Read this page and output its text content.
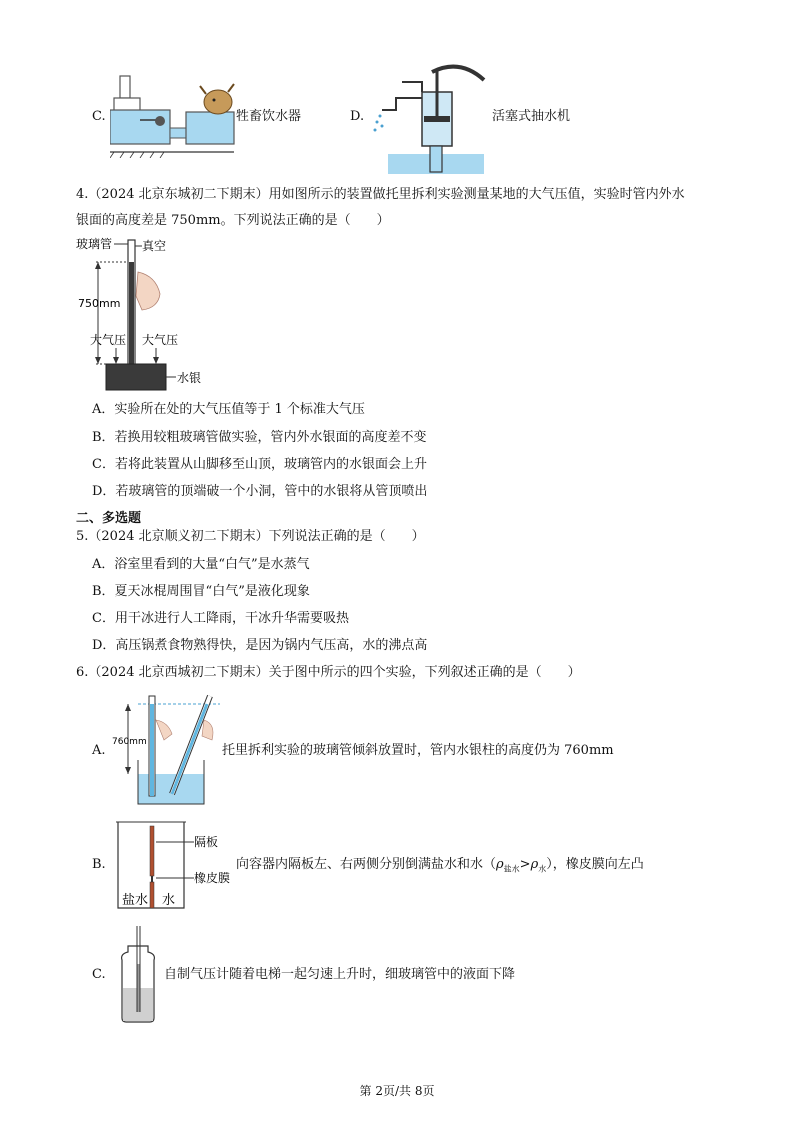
C.	牲畜饮水器	D.	活塞式抽水机
4.（2024 北京东城初二下期末）用如图所示的装置做托里拆利实验测量某地的大气压值，实验时管内外水
银面的高度差是 750mm。下列说法正确的是（　　）
玻璃管 真空
750mm
大气压 大气压
水银
A．实验所在处的大气压值等于 1 个标准大气压
B．若换用较粗玻璃管做实验，管内外水银面的高度差不变
C．若将此装置从山脚移至山顶，玻璃管内的水银面会上升
D．若玻璃管的顶端破一个小洞，管中的水银将从管顶喷出
二、多选题
5.（2024 北京顺义初二下期末）下列说法正确的是（　　）
A．浴室里看到的大量“白气”是水蒸气
B．夏天冰棍周围冒“白气”是液化现象
C．用干冰进行人工降雨，干冰升华需要吸热
D．高压锅煮食物熟得快，是因为锅内气压高，水的沸点高
6.（2024 北京西城初二下期末）关于图中所示的四个实验，下列叙述正确的是（　　）
A.
760mm
托里拆利实验的玻璃管倾斜放置时，管内水银柱的高度仍为 760mm
B.
隔板
橡皮膜
盐水 水
向容器内隔板左、右两侧分别倒满盐水和水$(\rho_{盐水}>\rho_水)$，橡皮膜向左凸
C.	自制气压计随着电梯一起匀速上升时，细玻璃管中的液面下降
第 2页/共 8页
